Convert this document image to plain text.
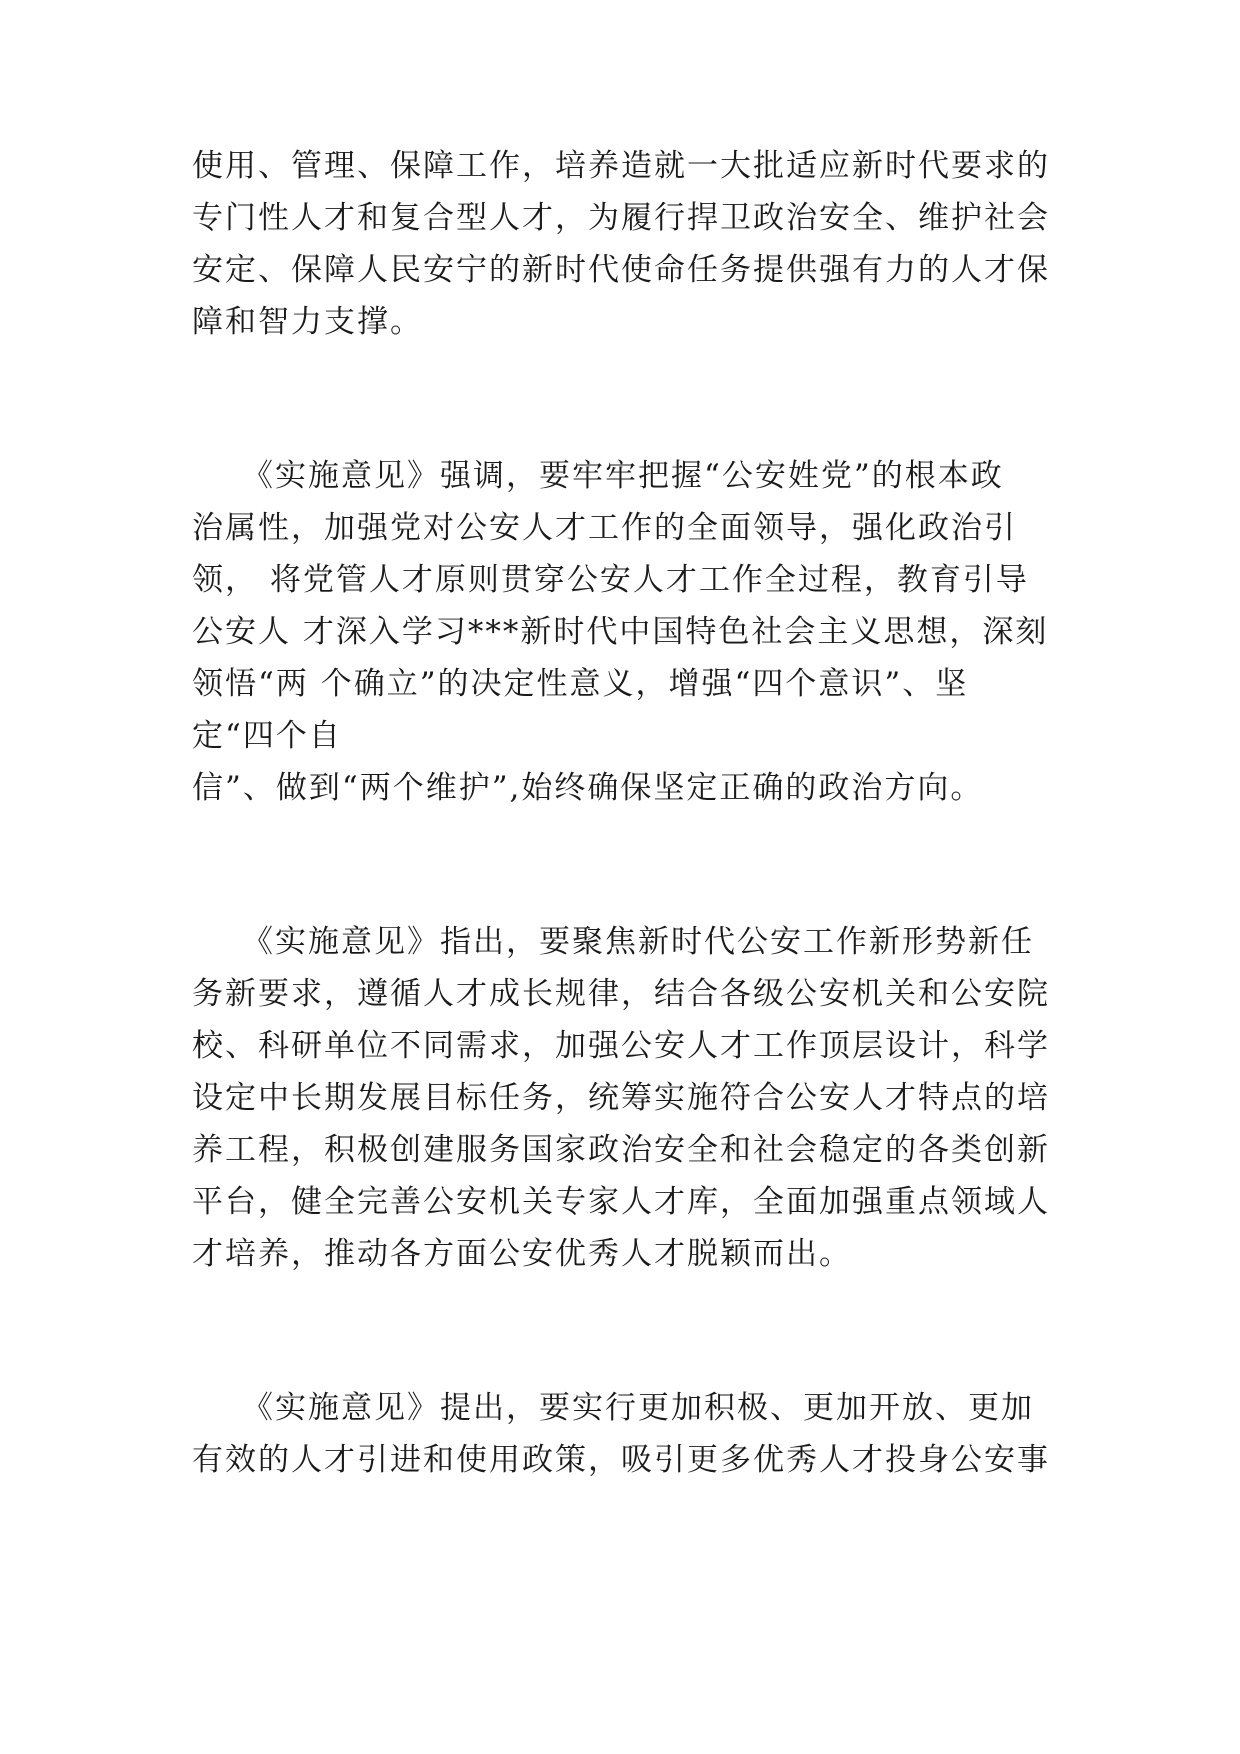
使用、管理、保障工作，培养造就一大批适应新时代要求的
专门性人才和复合型人才，为履行捍卫政治安全、维护社会
安定、保障人民安宁的新时代使命任务提供强有力的人才保
障和智力支撑。
《实施意见》强调，要牢牢把握“公安姓党”的根本政
治属性，加强党对公安人才工作的全面领导，强化政治引
领， 将党管人才原则贯穿公安人才工作全过程，教育引导
公安人 才深入学习***新时代中国特色社会主义思想，深刻
领悟“两 个确立”的决定性意义，增强“四个意识”、坚
定“四个自
信”、做到“两个维护”,始终确保坚定正确的政治方向。
《实施意见》指出，要聚焦新时代公安工作新形势新任
务新要求，遵循人才成长规律，结合各级公安机关和公安院
校、科研单位不同需求，加强公安人才工作顶层设计，科学
设定中长期发展目标任务，统筹实施符合公安人才特点的培
养工程，积极创建服务国家政治安全和社会稳定的各类创新
平台，健全完善公安机关专家人才库，全面加强重点领域人
才培养，推动各方面公安优秀人才脱颖而出。
《实施意见》提出，要实行更加积极、更加开放、更加
有效的人才引进和使用政策，吸引更多优秀人才投身公安事
